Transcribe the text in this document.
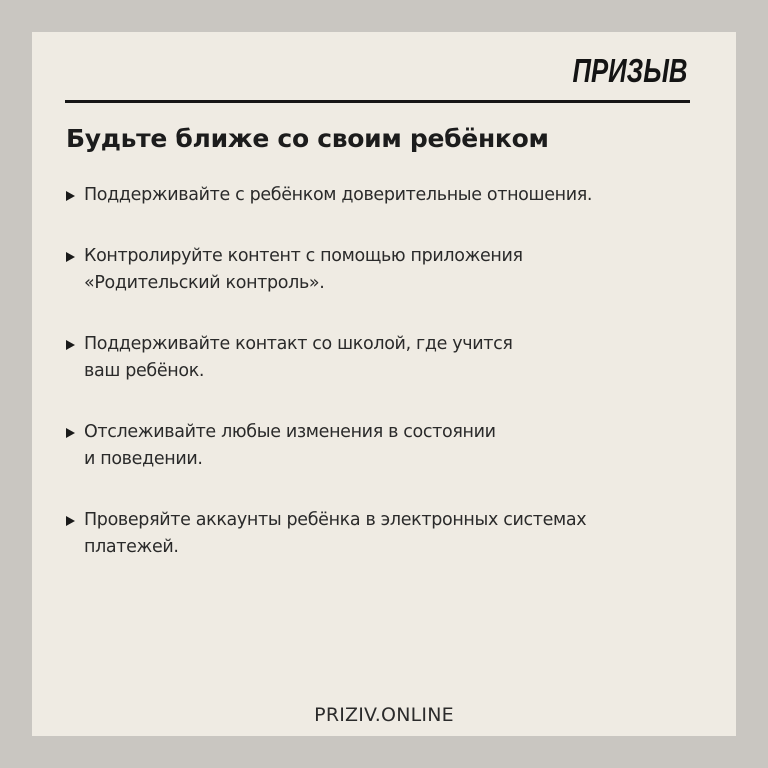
ПРИЗЫВ
Будьте ближе со своим ребёнком
Поддерживайте с ребёнком доверительные отношения.
Контролируйте контент с помощью приложения
«Родительский контроль».
Поддерживайте контакт со школой, где учится
ваш ребёнок.
Отслеживайте любые изменения в состоянии
и поведении.
Проверяйте аккаунты ребёнка в электронных системах
платежей.
PRIZIV.ONLINE
